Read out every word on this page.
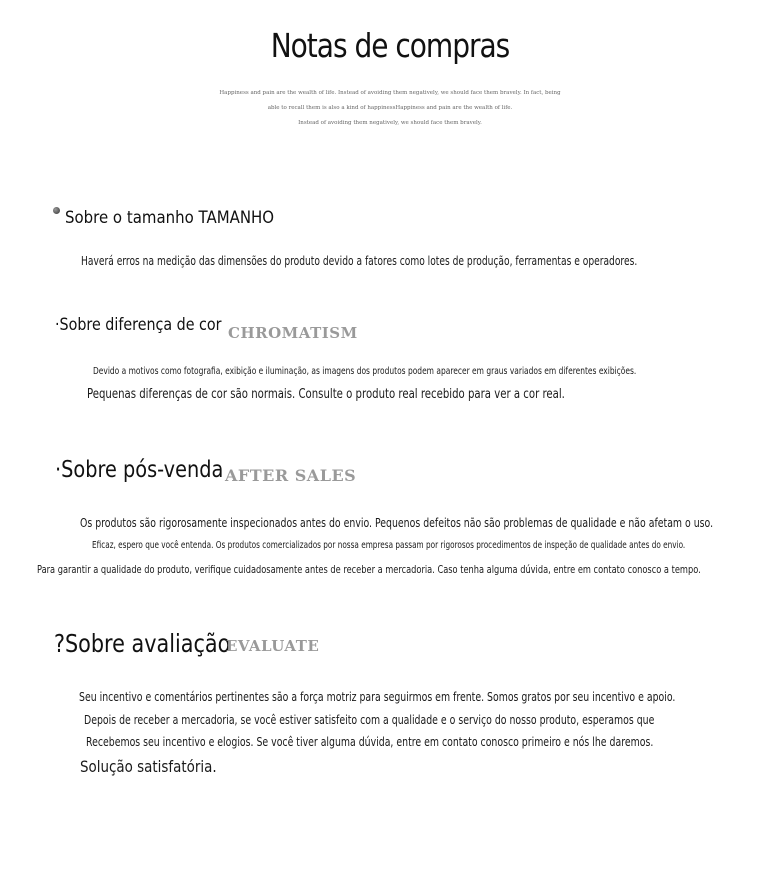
Notas de compras
Happiness and pain are the wealth of life. Instead of avoiding them negatively, we should face them bravely. In fact, being
able to recall them is also a kind of happinessHappiness and pain are the wealth of life.
Instead of avoiding them negatively, we should face them bravely.
Sobre o tamanho TAMANHO
Haverá erros na medição das dimensões do produto devido a fatores como lotes de produção, ferramentas e operadores.
·Sobre diferença de cor CHROMATISM
Devido a motivos como fotografia, exibição e iluminação, as imagens dos produtos podem aparecer em graus variados em diferentes exibições.
Pequenas diferenças de cor são normais. Consulte o produto real recebido para ver a cor real.
·Sobre pós-venda AFTER SALES
Os produtos são rigorosamente inspecionados antes do envio. Pequenos defeitos não são problemas de qualidade e não afetam o uso.
Eficaz, espero que você entenda. Os produtos comercializados por nossa empresa passam por rigorosos procedimentos de inspeção de qualidade antes do envio.
Para garantir a qualidade do produto, verifique cuidadosamente antes de receber a mercadoria. Caso tenha alguma dúvida, entre em contato conosco a tempo.
?Sobre avaliação
EVALUATE
Seu incentivo e comentários pertinentes são a força motriz para seguirmos em frente. Somos gratos por seu incentivo e apoio.
Depois de receber a mercadoria, se você estiver satisfeito com a qualidade e o serviço do nosso produto, esperamos que
Recebemos seu incentivo e elogios. Se você tiver alguma dúvida, entre em contato conosco primeiro e nós lhe daremos.
Solução satisfatória.
